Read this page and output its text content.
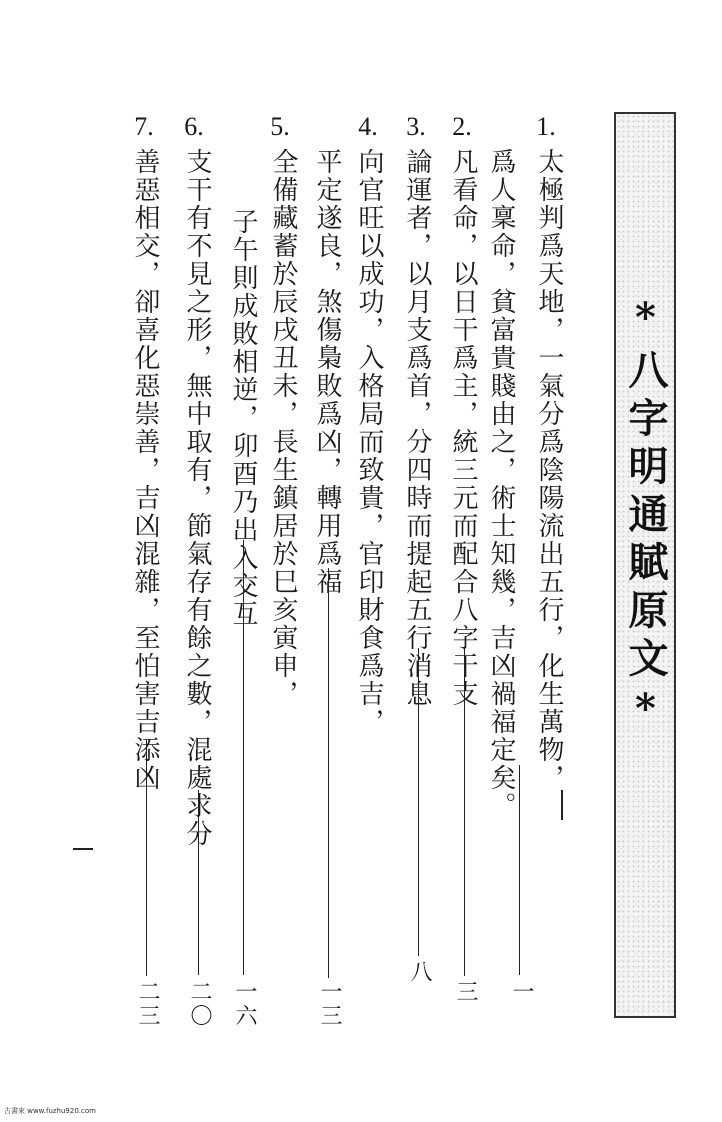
*八字明通賦原文*
1.
太極判爲天地，一氣分爲陰陽流出五行，化生萬物，
爲人稟命，貧富貴賤由之，術士知幾，吉凶禍福定矣。
一
2.
凡看命，以日干爲主，統三元而配合八字干支
三
3.
論運者，以月支爲首，分四時而提起五行消息
八
4.
向官旺以成功，入格局而致貴，官印財食爲吉，
平定遂良，煞傷梟敗爲凶，轉用爲福
一三
5.
全備藏蓄於辰戌丑未，長生鎮居於巳亥寅申，
子午則成敗相逆，卯酉乃出入交互
一六
6.
支干有不見之形，無中取有，節氣存有餘之數，混處求分
二〇
7.
善惡相交，卻喜化惡崇善，吉凶混雜，至怕害吉添凶
二三
古書來 www.fuzhu920.com
